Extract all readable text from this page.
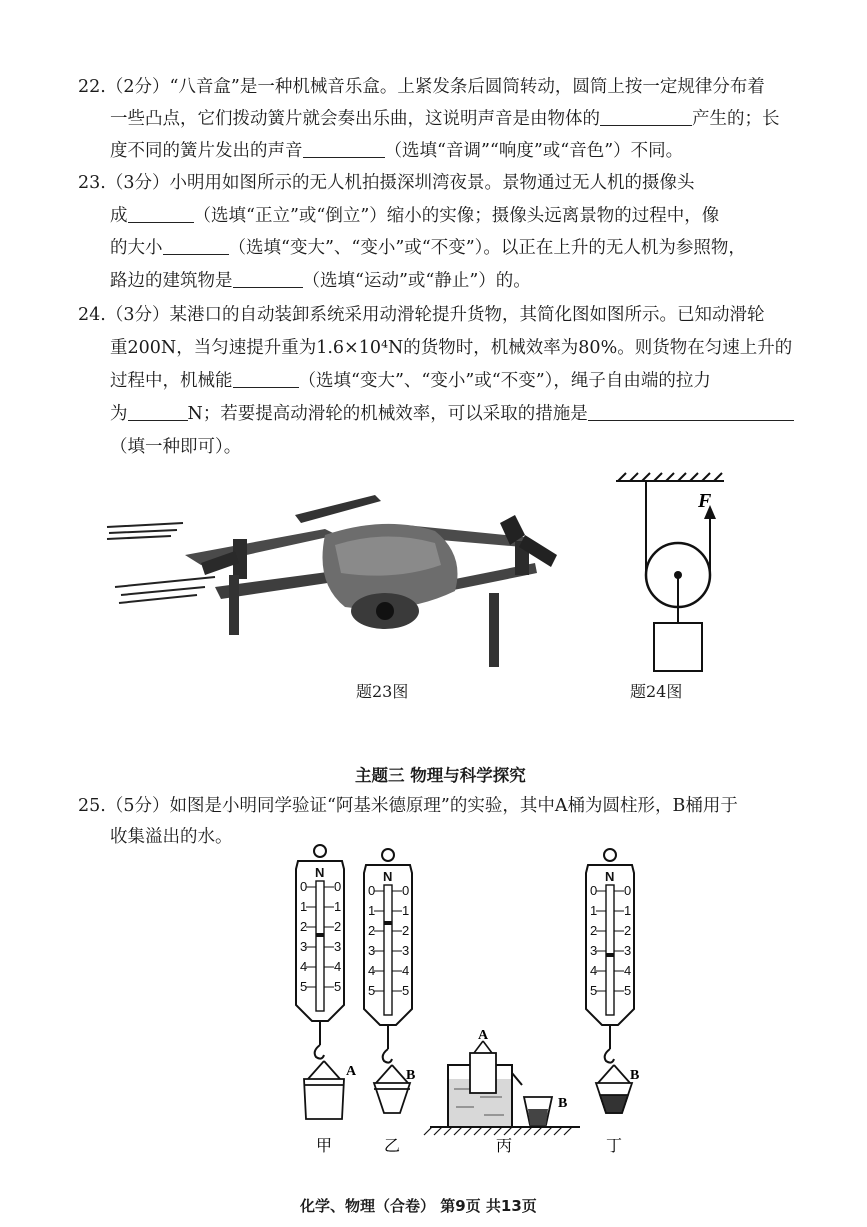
22.（2分）“八音盒”是一种机械音乐盒。上紧发条后圆筒转动，圆筒上按一定规律分布着
一些凸点，它们拨动簧片就会奏出乐曲，这说明声音是由物体的	产生的；长
度不同的簧片发出的声音	（选填“音调”“响度”或“音色”）不同。
23.（3分）小明用如图所示的无人机拍摄深圳湾夜景。景物通过无人机的摄像头
成	（选填“正立”或“倒立”）缩小的实像；摄像头远离景物的过程中，像
的大小	（选填“变大”、“变小”或“不变”）。以正在上升的无人机为参照物，
路边的建筑物是	（选填“运动”或“静止”）的。
24.（3分）某港口的自动装卸系统采用动滑轮提升货物，其简化图如图所示。已知动滑轮
重200N，当匀速提升重为1.6×10⁴N的货物时，机械效率为80%。则货物在匀速上升的
过程中，机械能	（选填“变大”、“变小”或“不变”），绳子自由端的拉力
为	N；若要提高动滑轮的机械效率，可以采取的措施是
（填一种即可）。
F
题23图	题24图
主题三 物理与科学探究
25.（5分）如图是小明同学验证“阿基米德原理”的实验，其中A桶为圆柱形，B桶用于
收集溢出的水。
N
0 0
1 1
2 2
3 3
4 4
5 5
N
0 0
1 1
2 2
3 3
4 4
5 5
N
0 0
1 1
2 2
3 3
4 4
5 5
A	B
A
B
B
甲	乙	丙	丁
化学、物理（合卷） 第9页 共13页
